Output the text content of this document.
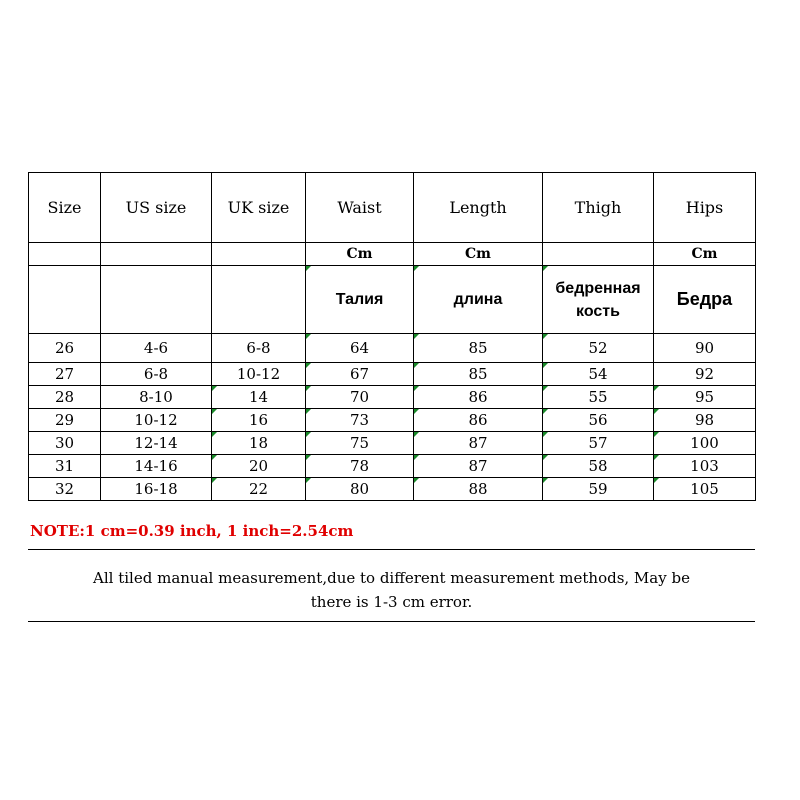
Size	US size	UK size	Waist	Length	Thigh	Hips
			Cm	Cm		Cm
			Талия	длина	бедренная кость	Бедра
26	4-6	6-8	64	85	52	90
27	6-8	10-12	67	85	54	92
28	8-10	14	70	86	55	95
29	10-12	16	73	86	56	98
30	12-14	18	75	87	57	100
31	14-16	20	78	87	58	103
32	16-18	22	80	88	59	105
NOTE:1 cm=0.39 inch, 1 inch=2.54cm
All tiled manual measurement,due to different measurement methods, May be
there is 1-3 cm error.
